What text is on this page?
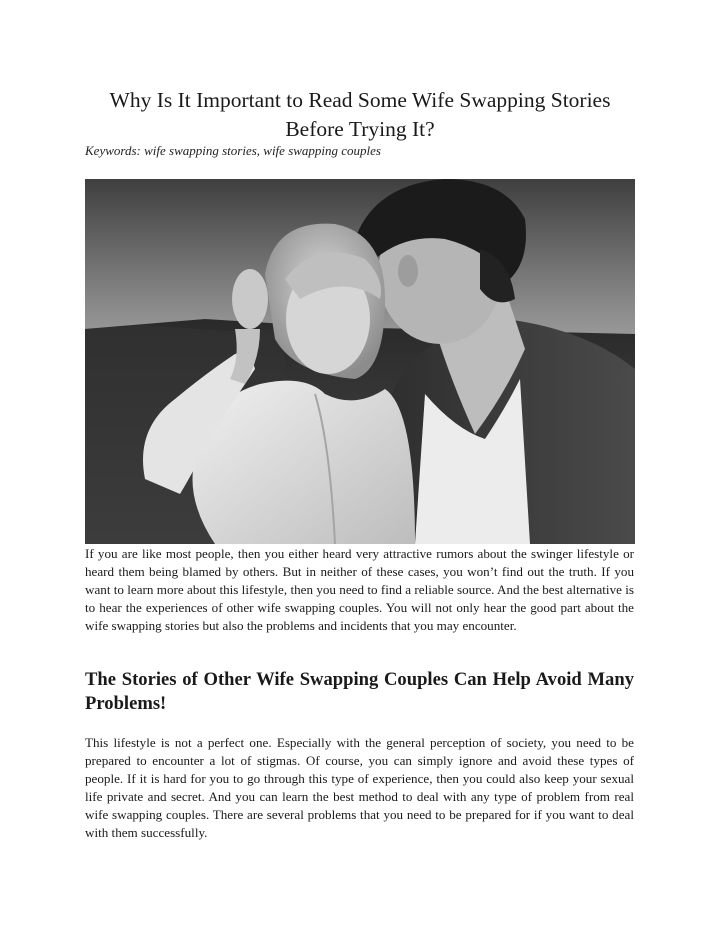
Why Is It Important to Read Some Wife Swapping Stories Before Trying It?
Keywords: wife swapping stories, wife swapping couples

If you are like most people, then you either heard very attractive rumors about the swinger lifestyle or heard them being blamed by others. But in neither of these cases, you won’t find out the truth. If you want to learn more about this lifestyle, then you need to find a reliable source. And the best alternative is to hear the experiences of other wife swapping couples. You will not only hear the good part about the wife swapping stories but also the problems and incidents that you may encounter.

The Stories of Other Wife Swapping Couples Can Help Avoid Many Problems!

This lifestyle is not a perfect one. Especially with the general perception of society, you need to be prepared to encounter a lot of stigmas. Of course, you can simply ignore and avoid these types of people. If it is hard for you to go through this type of experience, then you could also keep your sexual life private and secret. And you can learn the best method to deal with any type of problem from real wife swapping couples. There are several problems that you need to be prepared for if you want to deal with them successfully.
